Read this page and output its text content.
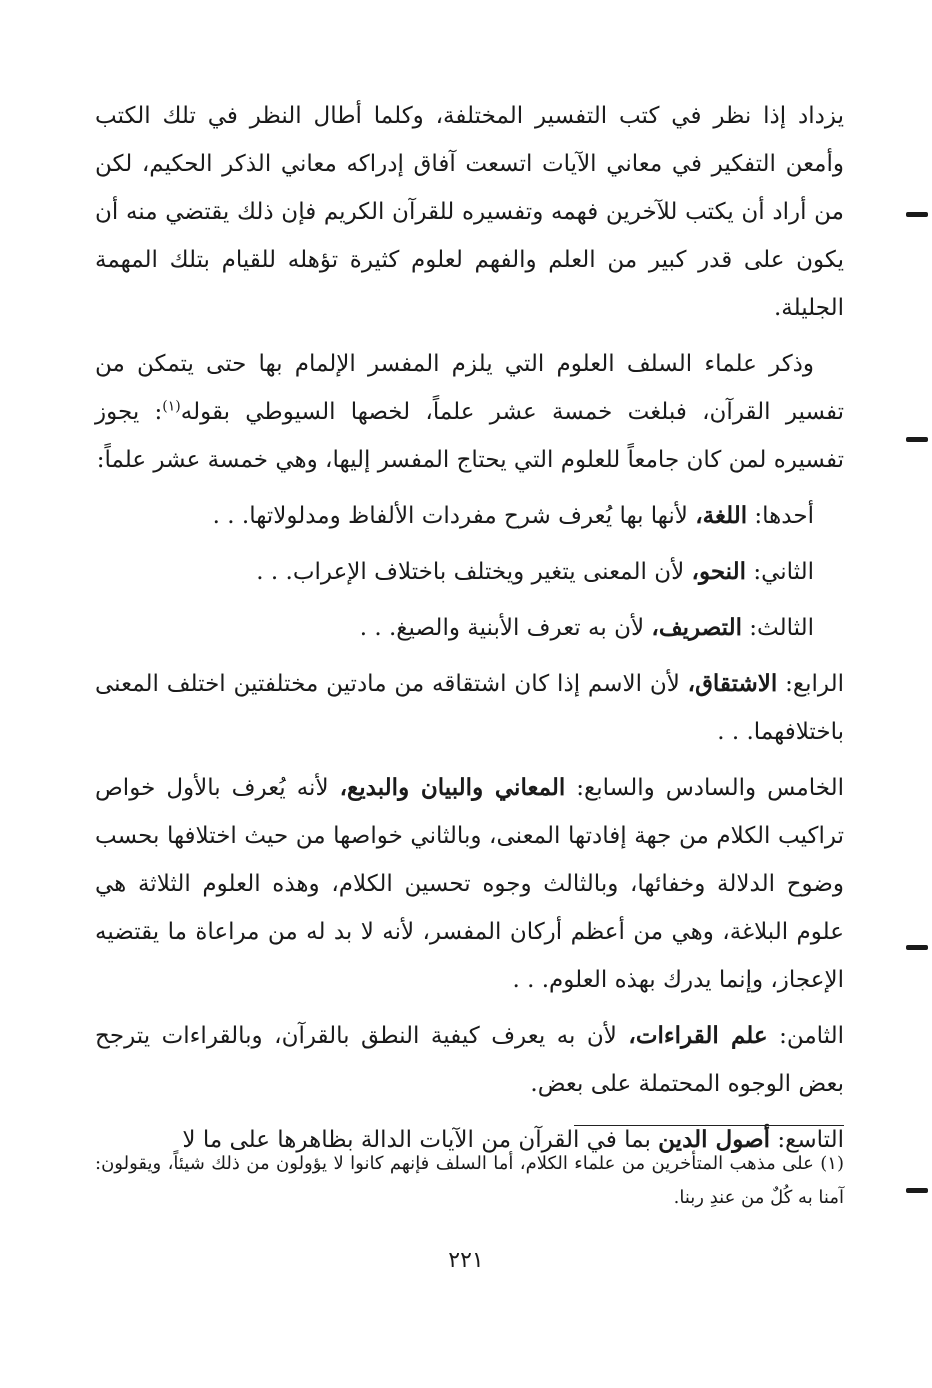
يزداد إذا نظر في كتب التفسير المختلفة، وكلما أطال النظر في تلك الكتب وأمعن التفكير في معاني الآيات اتسعت آفاق إدراكه معاني الذكر الحكيم، لكن من أراد أن يكتب للآخرين فهمه وتفسيره للقرآن الكريم فإن ذلك يقتضي منه أن يكون على قدر كبير من العلم والفهم لعلوم كثيرة تؤهله للقيام بتلك المهمة الجليلة.

وذكر علماء السلف العلوم التي يلزم المفسر الإلمام بها حتى يتمكن من تفسير القرآن، فبلغت خمسة عشر علماً، لخصها السيوطي بقوله$^{(١)}$: يجوز تفسيره لمن كان جامعاً للعلوم التي يحتاج المفسر إليها، وهي خمسة عشر علماً:

أحدها: اللغة، لأنها بها يُعرف شرح مفردات الألفاظ ومدلولاتها. . .

الثاني: النحو، لأن المعنى يتغير ويختلف باختلاف الإعراب. . .

الثالث: التصريف، لأن به تعرف الأبنية والصيغ. . .

الرابع: الاشتقاق، لأن الاسم إذا كان اشتقاقه من مادتين مختلفتين اختلف المعنى باختلافهما. . .

الخامس والسادس والسابع: المعاني والبيان والبديع، لأنه يُعرف بالأول خواص تراكيب الكلام من جهة إفادتها المعنى، وبالثاني خواصها من حيث اختلافها بحسب وضوح الدلالة وخفائها، وبالثالث وجوه تحسين الكلام، وهذه العلوم الثلاثة هي علوم البلاغة، وهي من أعظم أركان المفسر، لأنه لا بد له من مراعاة ما يقتضيه الإعجاز، وإنما يدرك بهذه العلوم. . .

الثامن: علم القراءات، لأن به يعرف كيفية النطق بالقرآن، وبالقراءات يترجح بعض الوجوه المحتملة على بعض.

التاسع: أصول الدين بما في القرآن من الآيات الدالة بظاهرها على ما لا

(١) على مذهب المتأخرين من علماء الكلام، أما السلف فإنهم كانوا لا يؤولون من ذلك شيئاً، ويقولون: آمنا به كُلٌ من عندِ ربنا.

٢٢١
